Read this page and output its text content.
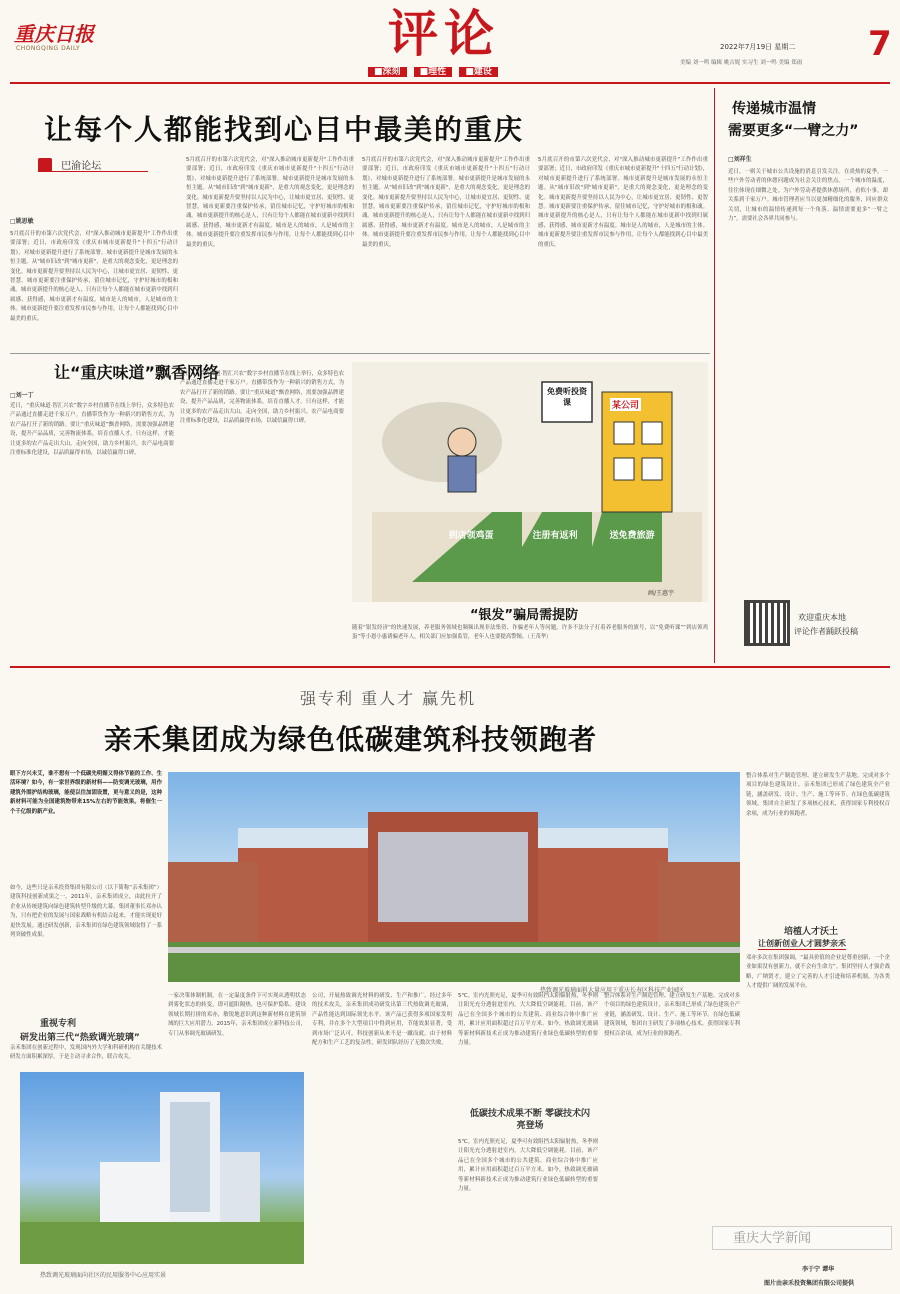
重庆日报
CHONGQING DAILY	评论
■深刻 ■理性 ■建设
2022年7月19日 星期二 7
美编 刘一鸣 编辑 姚吉妮 实习生 刘一鸣 美编 郑雨
让每个人都能找到心目中最美的重庆
巴渝论坛
□姚思敏
5月底召开的市第六次党代会，对"深入推动城市更新提升"工作作出重要部署；近日，市政府印发《重庆市城市更新提升"十四五"行动计划》，对城市更新提升进行了系统部署。城市更新提升是城市发展的永恒主题。从"城市旧改"到"城市更新"，是重大的观念变化，更是理念的变化。城市更新提升要坚持以人民为中心，让城市更宜居、更韧性、更智慧。城市更新要注重保护传承，留住城市记忆，守护好城市的根和魂。城市更新提升的核心是人，只有让每个人都能在城市更新中找到归属感、获得感，城市更新才有温度。城市是人的城市，人是城市的主体。城市更新提升要注重发挥市民参与作用，让每个人都能找到心目中最美的重庆。
5月底召开的市第六次党代会，对"深入推动城市更新提升"工作作出重要部署；近日，市政府印发《重庆市城市更新提升"十四五"行动计划》，对城市更新提升进行了系统部署。城市更新提升是城市发展的永恒主题。从"城市旧改"到"城市更新"，是重大的观念变化，更是理念的变化。城市更新提升要坚持以人民为中心，让城市更宜居、更韧性、更智慧。城市更新要注重保护传承，留住城市记忆，守护好城市的根和魂。城市更新提升的核心是人，只有让每个人都能在城市更新中找到归属感、获得感，城市更新才有温度。城市是人的城市，人是城市的主体。城市更新提升要注重发挥市民参与作用，让每个人都能找到心目中最美的重庆。
5月底召开的市第六次党代会，对"深入推动城市更新提升"工作作出重要部署；近日，市政府印发《重庆市城市更新提升"十四五"行动计划》，对城市更新提升进行了系统部署。城市更新提升是城市发展的永恒主题。从"城市旧改"到"城市更新"，是重大的观念变化，更是理念的变化。城市更新提升要坚持以人民为中心，让城市更宜居、更韧性、更智慧。城市更新要注重保护传承，留住城市记忆，守护好城市的根和魂。城市更新提升的核心是人，只有让每个人都能在城市更新中找到归属感、获得感，城市更新才有温度。城市是人的城市，人是城市的主体。城市更新提升要注重发挥市民参与作用，让每个人都能找到心目中最美的重庆。
5月底召开的市第六次党代会，对"深入推动城市更新提升"工作作出重要部署；近日，市政府印发《重庆市城市更新提升"十四五"行动计划》，对城市更新提升进行了系统部署。城市更新提升是城市发展的永恒主题。从"城市旧改"到"城市更新"，是重大的观念变化，更是理念的变化。城市更新提升要坚持以人民为中心，让城市更宜居、更韧性、更智慧。城市更新要注重保护传承，留住城市记忆，守护好城市的根和魂。城市更新提升的核心是人，只有让每个人都能在城市更新中找到归属感、获得感，城市更新才有温度。城市是人的城市，人是城市的主体。城市更新提升要注重发挥市民参与作用，让每个人都能找到心目中最美的重庆。
传递城市温情
需要更多“一臂之力”
□刘祥生
近日，一则关于城市公共设施的消息引发关注。在炎热的夏季，一些户外劳动者的休憩问题成为社会关注的焦点。一个城市的温度，往往体现在细微之处。为户外劳动者提供休憩场所，看似小事，却关系到千家万户。城市管理者应当以更加精细化的服务，回应群众关切，让城市的温情传递到每一个角落。温情需要更多“一臂之力”，需要社会各界共同参与。
欢迎重庆本地
评论作者踊跃投稿
让“重庆味道”飘香网络
□刘一丁
近日，“重庆味道·智汇兴农”数字乡村直播节在线上举行，众多特色农产品通过直播走进千家万户。直播带货作为一种新兴的销售方式，为农产品打开了新的销路。要让“重庆味道”飘香网络，需要加强品牌建设，提升产品品质，完善物流体系，培育直播人才。只有这样，才能让更多的农产品走出大山，走向全国，助力乡村振兴。农产品电商要注重标准化建设，以品质赢得市场，以诚信赢得口碑。
近日，“重庆味道·智汇兴农”数字乡村直播节在线上举行，众多特色农产品通过直播走进千家万户。直播带货作为一种新兴的销售方式，为农产品打开了新的销路。要让“重庆味道”飘香网络，需要加强品牌建设，提升产品品质，完善物流体系，培育直播人才。只有这样，才能让更多的农产品走出大山，走向全国，助力乡村振兴。农产品电商要注重标准化建设，以品质赢得市场，以诚信赢得口碑。
免费听投资课	某公司
到店领鸡蛋	注册有返利	送免费旅游
画/王惠宇
“银发”骗局需提防
随着“银发经济”的快速发展，养老服务领域也频频出现非法集资、诈骗老年人等问题。许多不法分子打着养老服务的旗号，以“免费听课”“到店领鸡蛋”等小恩小惠诱骗老年人，相关部门应加强监管，老年人也要提高警惕。（王茂华）
强专利 重人才 赢先机
亲禾集团成为绿色低碳建筑科技领跑者
眼下方兴未艾，谁不想有一个低碳先明媚又得体节能的工作、生活环境？如今，有一家世界级的新材料——防变调光玻璃，用作建筑外围护结构玻璃，能使以往加固设置，更与意义的是，这种新材料可能为全国建筑物带来15%左右的节能效果。将催生一个千亿级的新产业。
如今，这些只是亲禾投资集团有限公司（以下简称“亲禾集团”）建筑科技创新成果之一。2011年，亲禾集团成立，由此拉开了企业从传统建筑向绿色建筑转型升级的大幕。集团董事长邓亦认为，只有把企业的发展与国家战略有机结合起来，才能实现更好更快发展。通过研发创新，亲禾集团在绿色建筑领域取得了一系列突破性成果。
热致调光玻璃面料大量应用于重庆长寿区科技产业园区
重视专利
研发出第三代“热致调光玻璃”
亲禾集团在创新过程中，发现国内外大学和科研机构在关键技术研发方面积累深厚，于是主动寻求合作，联合攻关。
一家决策体制机制。在一定温度条件下可实现从透明状态到雾化状态的转变，即可遮阳隔热，也可保护隐私。建设领域长期打拼的邓亦，敏锐地意识到这种新材料在建筑领域的巨大应用潜力。2015年，亲禾集团成立新科技公司，专门从事调光玻璃研发。
公司，开展热致调光材料的研发、生产和推广。经过多年的技术攻关，亲禾集团成功研发出第三代热致调光玻璃，产品性能达到国际领先水平。该产品已获得多项国家发明专利，并在多个大型项目中得到应用，节能效果显著，受到市场广泛认可。科技创新从来不是一蹴而就，由于材料配方和生产工艺的复杂性，研发团队经历了无数次失败。
5℃。室内光照充足，夏季可有效阻挡太阳辐射热，冬季则让阳光充分透射进室内，大大降低空调能耗。目前，该产品已在全国多个城市的公共建筑、商业综合体中推广应用，累计应用面积超过百万平方米。如今，热致调光玻璃等新材料新技术正成为推动建筑行业绿色低碳转型的重要力量。
低碳技术成果不断 零碳技术闪亮登场
5℃。室内光照充足，夏季可有效阻挡太阳辐射热，冬季则让阳光充分透射进室内，大大降低空调能耗。目前，该产品已在全国多个城市的公共建筑、商业综合体中推广应用，累计应用面积超过百万平方米。如今，热致调光玻璃等新材料新技术正成为推动建筑行业绿色低碳转型的重要力量。
热致调光玻璃面向社区的民用服务中心应用实景
整合体系对生产制造管理、建立研发生产基地。完成对多个项目的绿色建筑设计，亲禾集团已形成了绿色建筑全产业链，涵盖研发、设计、生产、施工等环节。在绿色低碳建筑领域，集团自主研发了多项核心技术，获得国家专利授权百余项，成为行业的领跑者。
培植人才沃土
让创新创业人才圆梦亲禾
邓亦多次在集团强调，“最具价值的企业是尊重创新、一个企业如果没有创新力，就不会有生命力”。集团坚持人才强企战略，广纳贤才，建立了完善的人才引进和培养机制，为各类人才提供广阔的发展平台。
整合体系对生产制造管理、建立研发生产基地。完成对多个项目的绿色建筑设计，亲禾集团已形成了绿色建筑全产业链，涵盖研发、设计、生产、施工等环节。在绿色低碳建筑领域，集团自主研发了多项核心技术，获得国家专利授权百余项，成为行业的领跑者。
重庆大学新闻
李于宁 谭华
图片由亲禾投资集团有限公司提供
